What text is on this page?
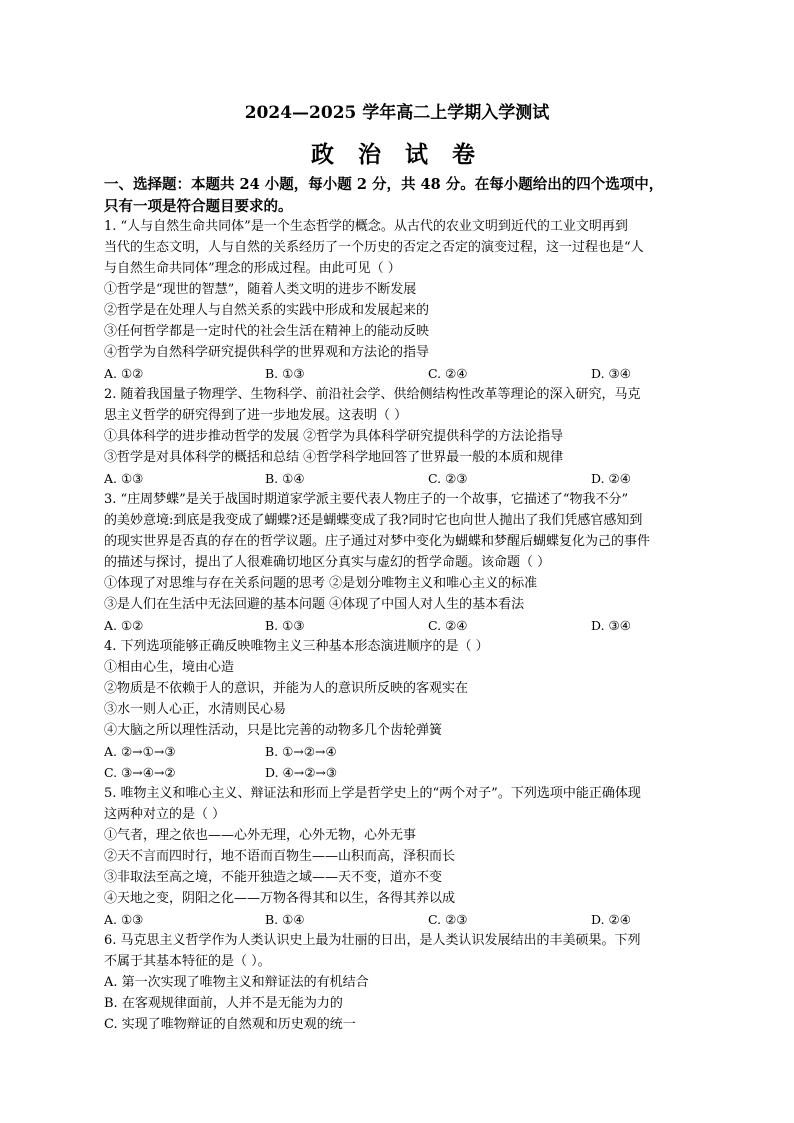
2024—2025 学年高二上学期入学测试
政 治 试 卷
一、选择题：本题共 24 小题，每小题 2 分，共 48 分。在每小题给出的四个选项中，
只有一项是符合题目要求的。
1. “人与自然生命共同体”是一个生态哲学的概念。从古代的农业文明到近代的工业文明再到
当代的生态文明，人与自然的关系经历了一个历史的否定之否定的演变过程，这一过程也是“人
与自然生命共同体”理念的形成过程。由此可见（ ）
①哲学是“现世的智慧”，随着人类文明的进步不断发展
②哲学是在处理人与自然关系的实践中形成和发展起来的
③任何哲学都是一定时代的社会生活在精神上的能动反映
④哲学为自然科学研究提供科学的世界观和方法论的指导
A. ①②	B. ①③	C. ②④	D. ③④
2. 随着我国量子物理学、生物科学、前沿社会学、供给侧结构性改革等理论的深入研究，马克
思主义哲学的研究得到了进一步地发展。这表明（ ）
①具体科学的进步推动哲学的发展 ②哲学为具体科学研究提供科学的方法论指导
③哲学是对具体科学的概括和总结 ④哲学科学地回答了世界最一般的本质和规律
A. ①③	B. ①④	C. ②③	D. ②④
3. “庄周梦蝶”是关于战国时期道家学派主要代表人物庄子的一个故事，它描述了“物我不分”
的美妙意境:到底是我变成了蝴蝶?还是蝴蝶变成了我?同时它也向世人抛出了我们凭感官感知到
的现实世界是否真的存在的哲学议题。庄子通过对梦中变化为蝴蝶和梦醒后蝴蝶复化为己的事件
的描述与探讨，提出了人很难确切地区分真实与虚幻的哲学命题。该命题（ ）
①体现了对思维与存在关系问题的思考 ②是划分唯物主义和唯心主义的标准
③是人们在生活中无法回避的基本问题 ④体现了中国人对人生的基本看法
A. ①②	B. ①③	C. ②④	D. ③④
4. 下列选项能够正确反映唯物主义三种基本形态演进顺序的是（ ）
①相由心生，境由心造
②物质是不依赖于人的意识，并能为人的意识所反映的客观实在
③水一则人心正，水清则民心易
④大脑之所以理性活动，只是比完善的动物多几个齿轮弹簧
A. ②→①→③	B. ①→②→④
C. ③→④→②	D. ④→②→③
5. 唯物主义和唯心主义、辩证法和形而上学是哲学史上的“两个对子”。下列选项中能正确体现
这两种对立的是（ ）
①气者，理之依也——心外无理，心外无物，心外无事
②天不言而四时行，地不语而百物生——山积而高，泽积而长
③非取法至高之境，不能开独造之域——天不变，道亦不变
④天地之变，阴阳之化——万物各得其和以生，各得其养以成
A. ①③	B. ①④	C. ②③	D. ②④
6. 马克思主义哲学作为人类认识史上最为壮丽的日出，是人类认识发展结出的丰美硕果。下列
不属于其基本特征的是（ ）。
A. 第一次实现了唯物主义和辩证法的有机结合
B. 在客观规律面前，人并不是无能为力的
C. 实现了唯物辩证的自然观和历史观的统一
